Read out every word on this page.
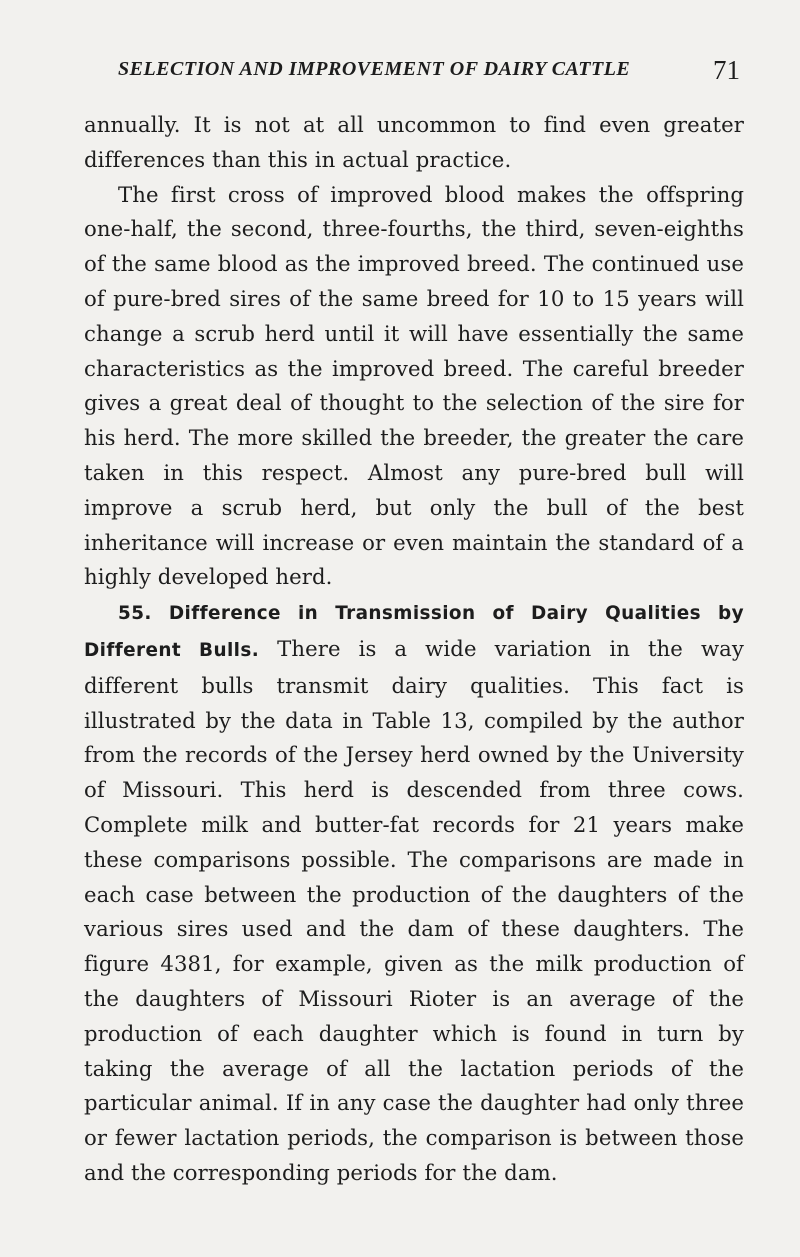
SELECTION AND IMPROVEMENT OF DAIRY CATTLE	71

annually. It is not at all uncommon to find even greater differences than this in actual practice.

The first cross of improved blood makes the offspring one-half, the second, three-fourths, the third, seven-eighths of the same blood as the improved breed. The continued use of pure-bred sires of the same breed for 10 to 15 years will change a scrub herd until it will have essentially the same characteristics as the improved breed. The careful breeder gives a great deal of thought to the selection of the sire for his herd. The more skilled the breeder, the greater the care taken in this respect. Almost any pure-bred bull will improve a scrub herd, but only the bull of the best inheritance will increase or even maintain the standard of a highly developed herd.

55. Difference in Transmission of Dairy Qualities by Different Bulls. There is a wide variation in the way different bulls transmit dairy qualities. This fact is illustrated by the data in Table 13, compiled by the author from the records of the Jersey herd owned by the University of Missouri. This herd is descended from three cows. Complete milk and butter-fat records for 21 years make these comparisons possible. The comparisons are made in each case between the production of the daughters of the various sires used and the dam of these daughters. The figure 4381, for example, given as the milk production of the daughters of Missouri Rioter is an average of the production of each daughter which is found in turn by taking the average of all the lactation periods of the particular animal. If in any case the daughter had only three or fewer lactation periods, the comparison is between those and the corresponding periods for the dam.
